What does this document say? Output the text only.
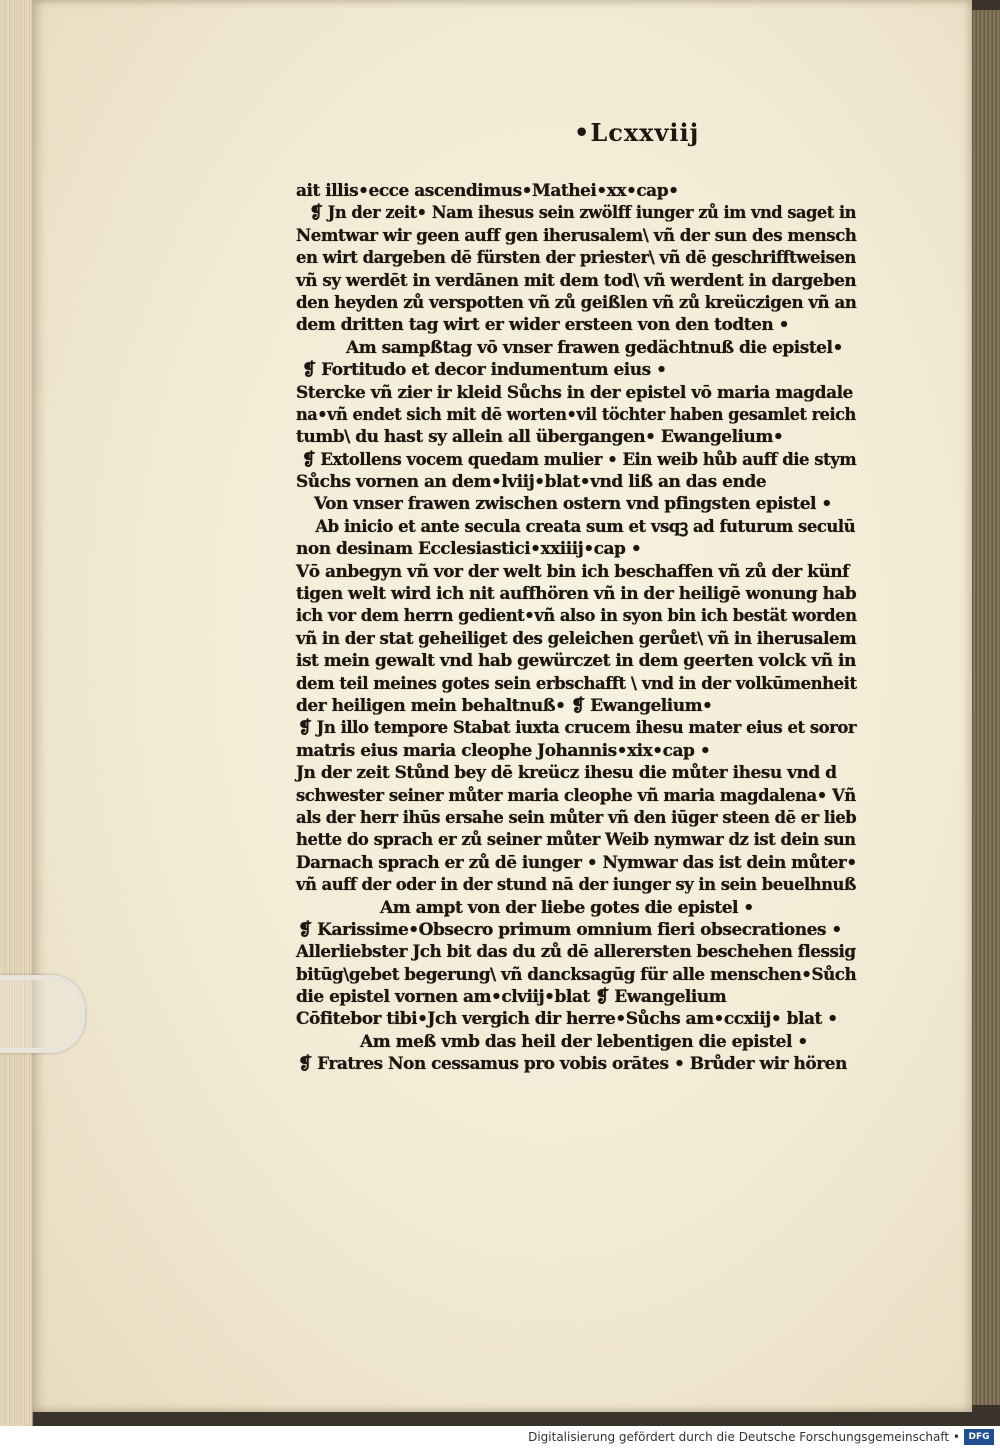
•Lcxxviij
ait illis•ecce ascendimus•Mathei•xx•cap•
❡ Jn der zeit• Nam ihesus sein zwölff iunger zů im vnd saget in
Nemtwar wir geen auff gen iherusalem\ vñ der sun des mensch
en wirt dargeben dē fürsten der priester\ vñ dē geschrifftweisen
vñ sy werdēt in verdānen mit dem tod\ vñ werdent in dargeben
den heyden zů verspotten vñ zů geißlen vñ zů kreüczigen vñ an
dem dritten tag wirt er wider ersteen von den todten •
Am sampßtag vō vnser frawen gedächtnuß die epistel•
❡ Fortitudo et decor indumentum eius •
Stercke vñ zier ir kleid Sůchs in der epistel vō maria magdale
na•vñ endet sich mit dē worten•vil töchter haben gesamlet reich
tumb\ du hast sy allein all übergangen• Ewangelium•
❡ Extollens vocem quedam mulier • Ein weib hůb auff die stym
Sůchs vornen an dem•lviij•blat•vnd liß an das ende
Von vnser frawen zwischen ostern vnd pfingsten epistel •
Ab inicio et ante secula creata sum et vsqꝫ ad futurum seculū
non desinam Ecclesiastici•xxiiij•cap •
Vō anbegyn vñ vor der welt bin ich beschaffen vñ zů der künf
tigen welt wird ich nit auffhören vñ in der heiligē wonung hab
ich vor dem herrn gedient•vñ also in syon bin ich bestät worden
vñ in der stat geheiliget des geleichen gerůet\ vñ in iherusalem
ist mein gewalt vnd hab gewürczet in dem geerten volck vñ in
dem teil meines gotes sein erbschafft \ vnd in der volkūmenheit
der heiligen mein behaltnuß• ❡ Ewangelium•
❡ Jn illo tempore Stabat iuxta crucem ihesu mater eius et soror
matris eius maria cleophe Johannis•xix•cap •
Jn der zeit Stůnd bey dē kreücz ihesu die můter ihesu vnd d
schwester seiner můter maria cleophe vñ maria magdalena• Vñ
als der herr ihūs ersahe sein můter vñ den iūger steen dē er lieb
hette do sprach er zů seiner můter Weib nymwar dz ist dein sun
Darnach sprach er zů dē iunger • Nymwar das ist dein můter•
vñ auff der oder in der stund nā der iunger sy in sein beuelhnuß
Am ampt von der liebe gotes die epistel •
❡ Karissime•Obsecro primum omnium fieri obsecrationes •
Allerliebster Jch bit das du zů dē allerersten beschehen flessig
bitūg\gebet begerung\ vñ dancksagūg für alle menschen•Sůch
die epistel vornen am•clviij•blat ❡ Ewangelium
Cōfitebor tibi•Jch vergich dir herre•Sůchs am•ccxiij• blat •
Am meß vmb das heil der lebentigen die epistel •
❡ Fratres Non cessamus pro vobis orātes • Brůder wir hören
Digitalisierung gefördert durch die Deutsche Forschungsgemeinschaft • DFG
